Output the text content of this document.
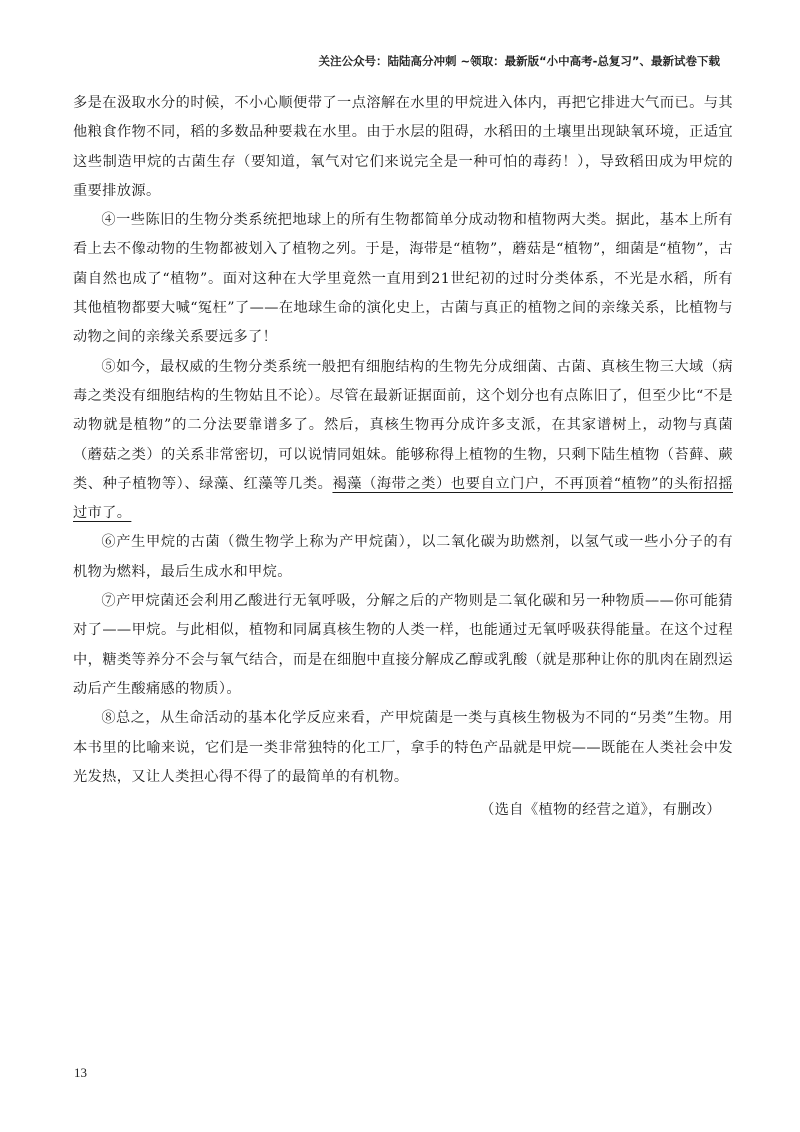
关注公众号：陆陆高分冲刺 ~领取：最新版“小中高考-总复习”、最新试卷下载

多是在汲取水分的时候，不小心顺便带了一点溶解在水里的甲烷进入体内，再把它排进大气而已。与其他粮食作物不同，稻的多数品种要栽在水里。由于水层的阻碍，水稻田的土壤里出现缺氧环境，正适宜这些制造甲烷的古菌生存（要知道，氧气对它们来说完全是一种可怕的毒药！），导致稻田成为甲烷的重要排放源。

④一些陈旧的生物分类系统把地球上的所有生物都简单分成动物和植物两大类。据此，基本上所有看上去不像动物的生物都被划入了植物之列。于是，海带是“植物”，蘑菇是“植物”，细菌是“植物”，古菌自然也成了“植物”。面对这种在大学里竟然一直用到21世纪初的过时分类体系，不光是水稻，所有其他植物都要大喊“冤枉”了——在地球生命的演化史上，古菌与真正的植物之间的亲缘关系，比植物与动物之间的亲缘关系要远多了！

⑤如今，最权威的生物分类系统一般把有细胞结构的生物先分成细菌、古菌、真核生物三大域（病毒之类没有细胞结构的生物姑且不论）。尽管在最新证据面前，这个划分也有点陈旧了，但至少比“不是动物就是植物”的二分法要靠谱多了。然后，真核生物再分成许多支派，在其家谱树上，动物与真菌（蘑菇之类）的关系非常密切，可以说情同姐妹。能够称得上植物的生物，只剩下陆生植物（苔藓、蕨类、种子植物等）、绿藻、红藻等几类。褐藻（海带之类）也要自立门户，不再顶着“植物”的头衔招摇过市了。

⑥产生甲烷的古菌（微生物学上称为产甲烷菌），以二氧化碳为助燃剂，以氢气或一些小分子的有机物为燃料，最后生成水和甲烷。

⑦产甲烷菌还会利用乙酸进行无氧呼吸，分解之后的产物则是二氧化碳和另一种物质——你可能猜对了——甲烷。与此相似，植物和同属真核生物的人类一样，也能通过无氧呼吸获得能量。在这个过程中，糖类等养分不会与氧气结合，而是在细胞中直接分解成乙醇或乳酸（就是那种让你的肌肉在剧烈运动后产生酸痛感的物质）。

⑧总之，从生命活动的基本化学反应来看，产甲烷菌是一类与真核生物极为不同的“另类”生物。用本书里的比喻来说，它们是一类非常独特的化工厂，拿手的特色产品就是甲烷——既能在人类社会中发光发热，又让人类担心得不得了的最简单的有机物。

（选自《植物的经营之道》，有删改）

13
